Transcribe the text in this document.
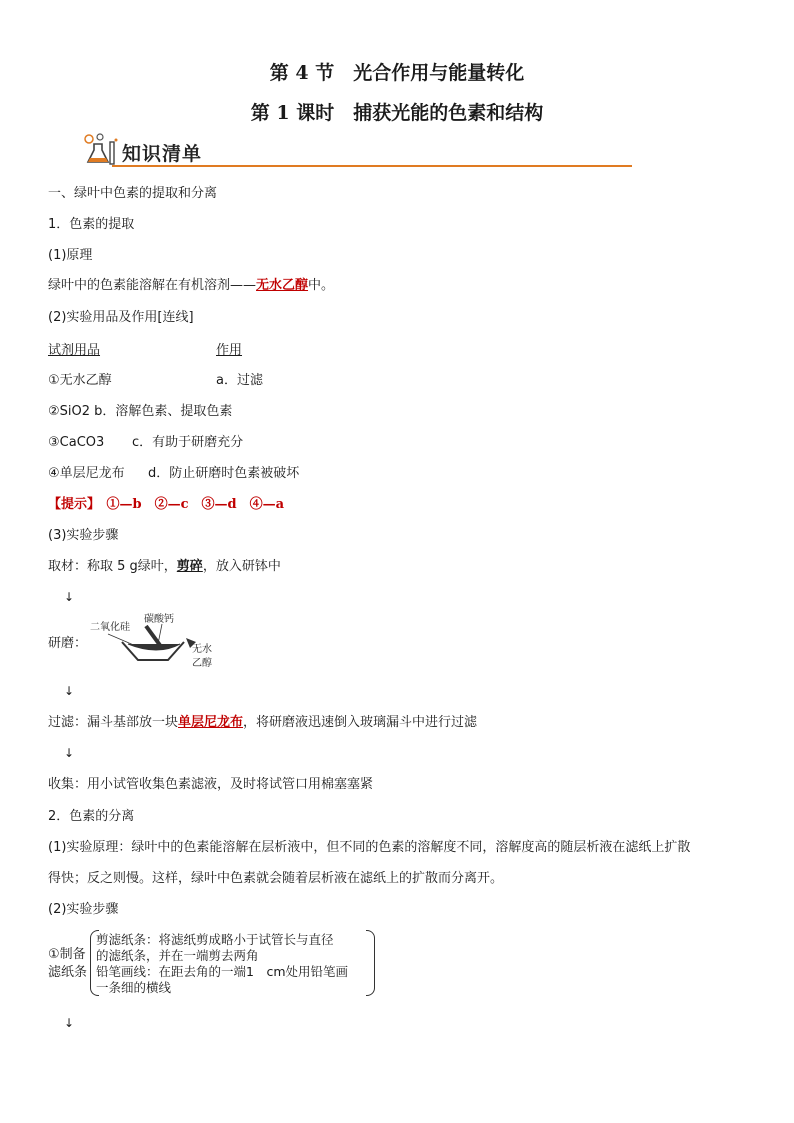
第 4 节　光合作用与能量转化
第 1 课时　捕获光能的色素和结构
知识清单
一、绿叶中色素的提取和分离
1．色素的提取
(1)原理
绿叶中的色素能溶解在有机溶剂——无水乙醇中。
(2)实验用品及作用[连线]
试剂用品	作用
①无水乙醇	a．过滤
②SiO2 b．溶解色素、提取色素
③CaCO3 c．有助于研磨充分
④单层尼龙布 d．防止研磨时色素被破坏
【提示】　①—b　②—c　③—d　④—a
(3)实验步骤
取材：称取 5 g绿叶，剪碎，放入研钵中
↓
研磨：
二氧化硅
碳酸钙
无水
乙醇
↓
过滤：漏斗基部放一块单层尼龙布，将研磨液迅速倒入玻璃漏斗中进行过滤
↓
收集：用小试管收集色素滤液，及时将试管口用棉塞塞紧
2．色素的分离
(1)实验原理：绿叶中的色素能溶解在层析液中，但不同的色素的溶解度不同，溶解度高的随层析液在滤纸上扩散
得快；反之则慢。这样，绿叶中色素就会随着层析液在滤纸上的扩散而分离开。
(2)实验步骤
①制备
滤纸条
剪滤纸条：将滤纸剪成略小于试管长与直径
的滤纸条，并在一端剪去两角
铅笔画线：在距去角的一端1　cm处用铅笔画
一条细的横线
↓
